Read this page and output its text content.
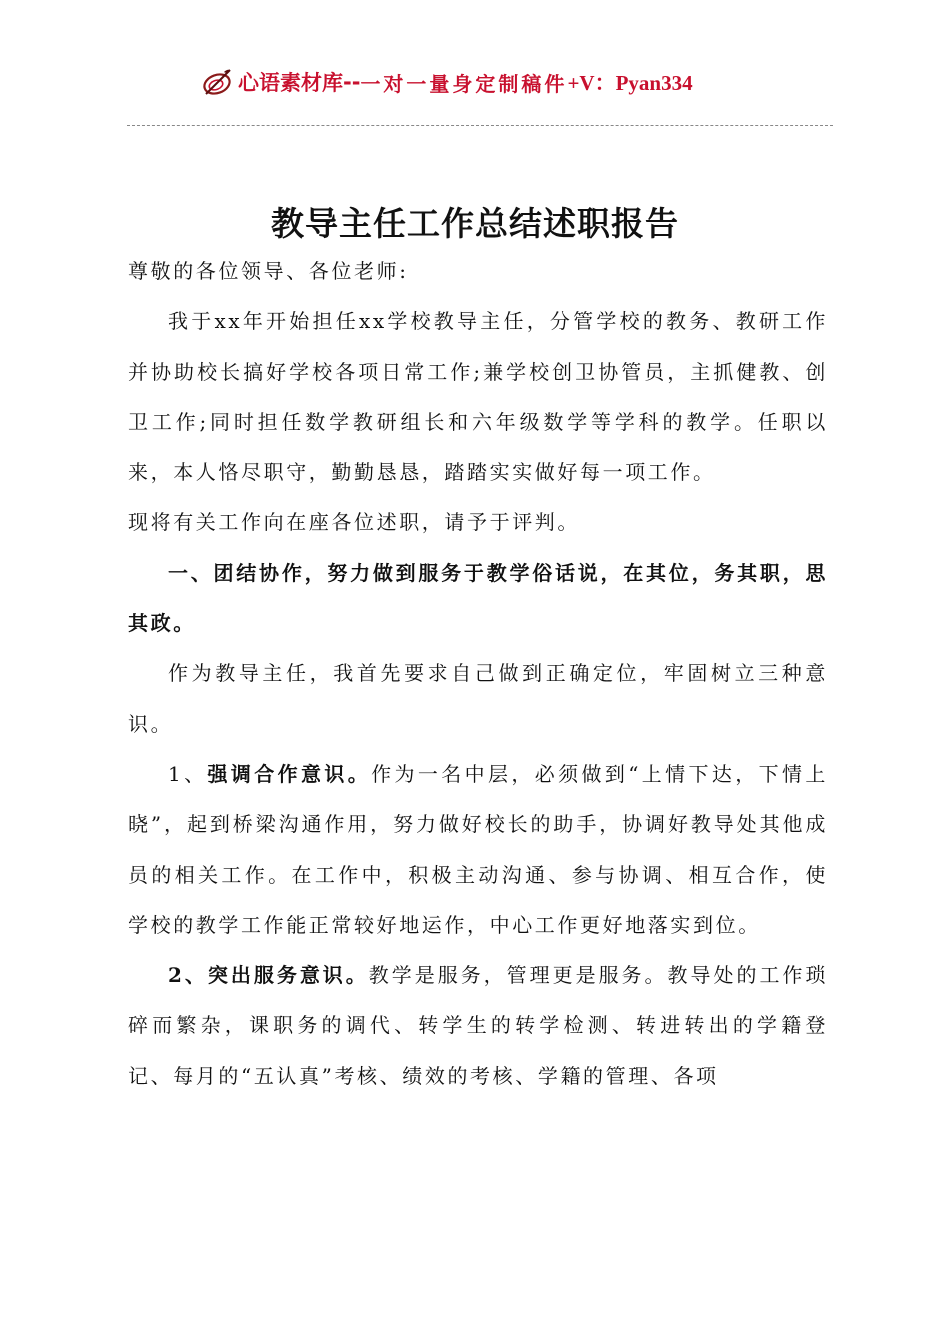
心语素材库 -- 一对一量身定制稿件 +V：Pyan334
教导主任工作总结述职报告

尊敬的各位领导、各位老师:

我于xx年开始担任xx学校教导主任，分管学校的教务、教研工作并协助校长搞好学校各项日常工作;兼学校创卫协管员，主抓健教、创卫工作;同时担任数学教研组长和六年级数学等学科的教学。任职以来，本人恪尽职守，勤勤恳恳，踏踏实实做好每一项工作。

现将有关工作向在座各位述职，请予于评判。

一、团结协作，努力做到服务于教学俗话说，在其位，务其职，思其政。

作为教导主任，我首先要求自己做到正确定位，牢固树立三种意识。

1、强调合作意识。作为一名中层，必须做到“上情下达，下情上晓”，起到桥梁沟通作用，努力做好校长的助手，协调好教导处其他成员的相关工作。在工作中，积极主动沟通、参与协调、相互合作，使学校的教学工作能正常较好地运作，中心工作更好地落实到位。

2、突出服务意识。教学是服务，管理更是服务。教导处的工作琐碎而繁杂，课职务的调代、转学生的转学检测、转进转出的学籍登记、每月的“五认真”考核、绩效的考核、学籍的管理、各项
